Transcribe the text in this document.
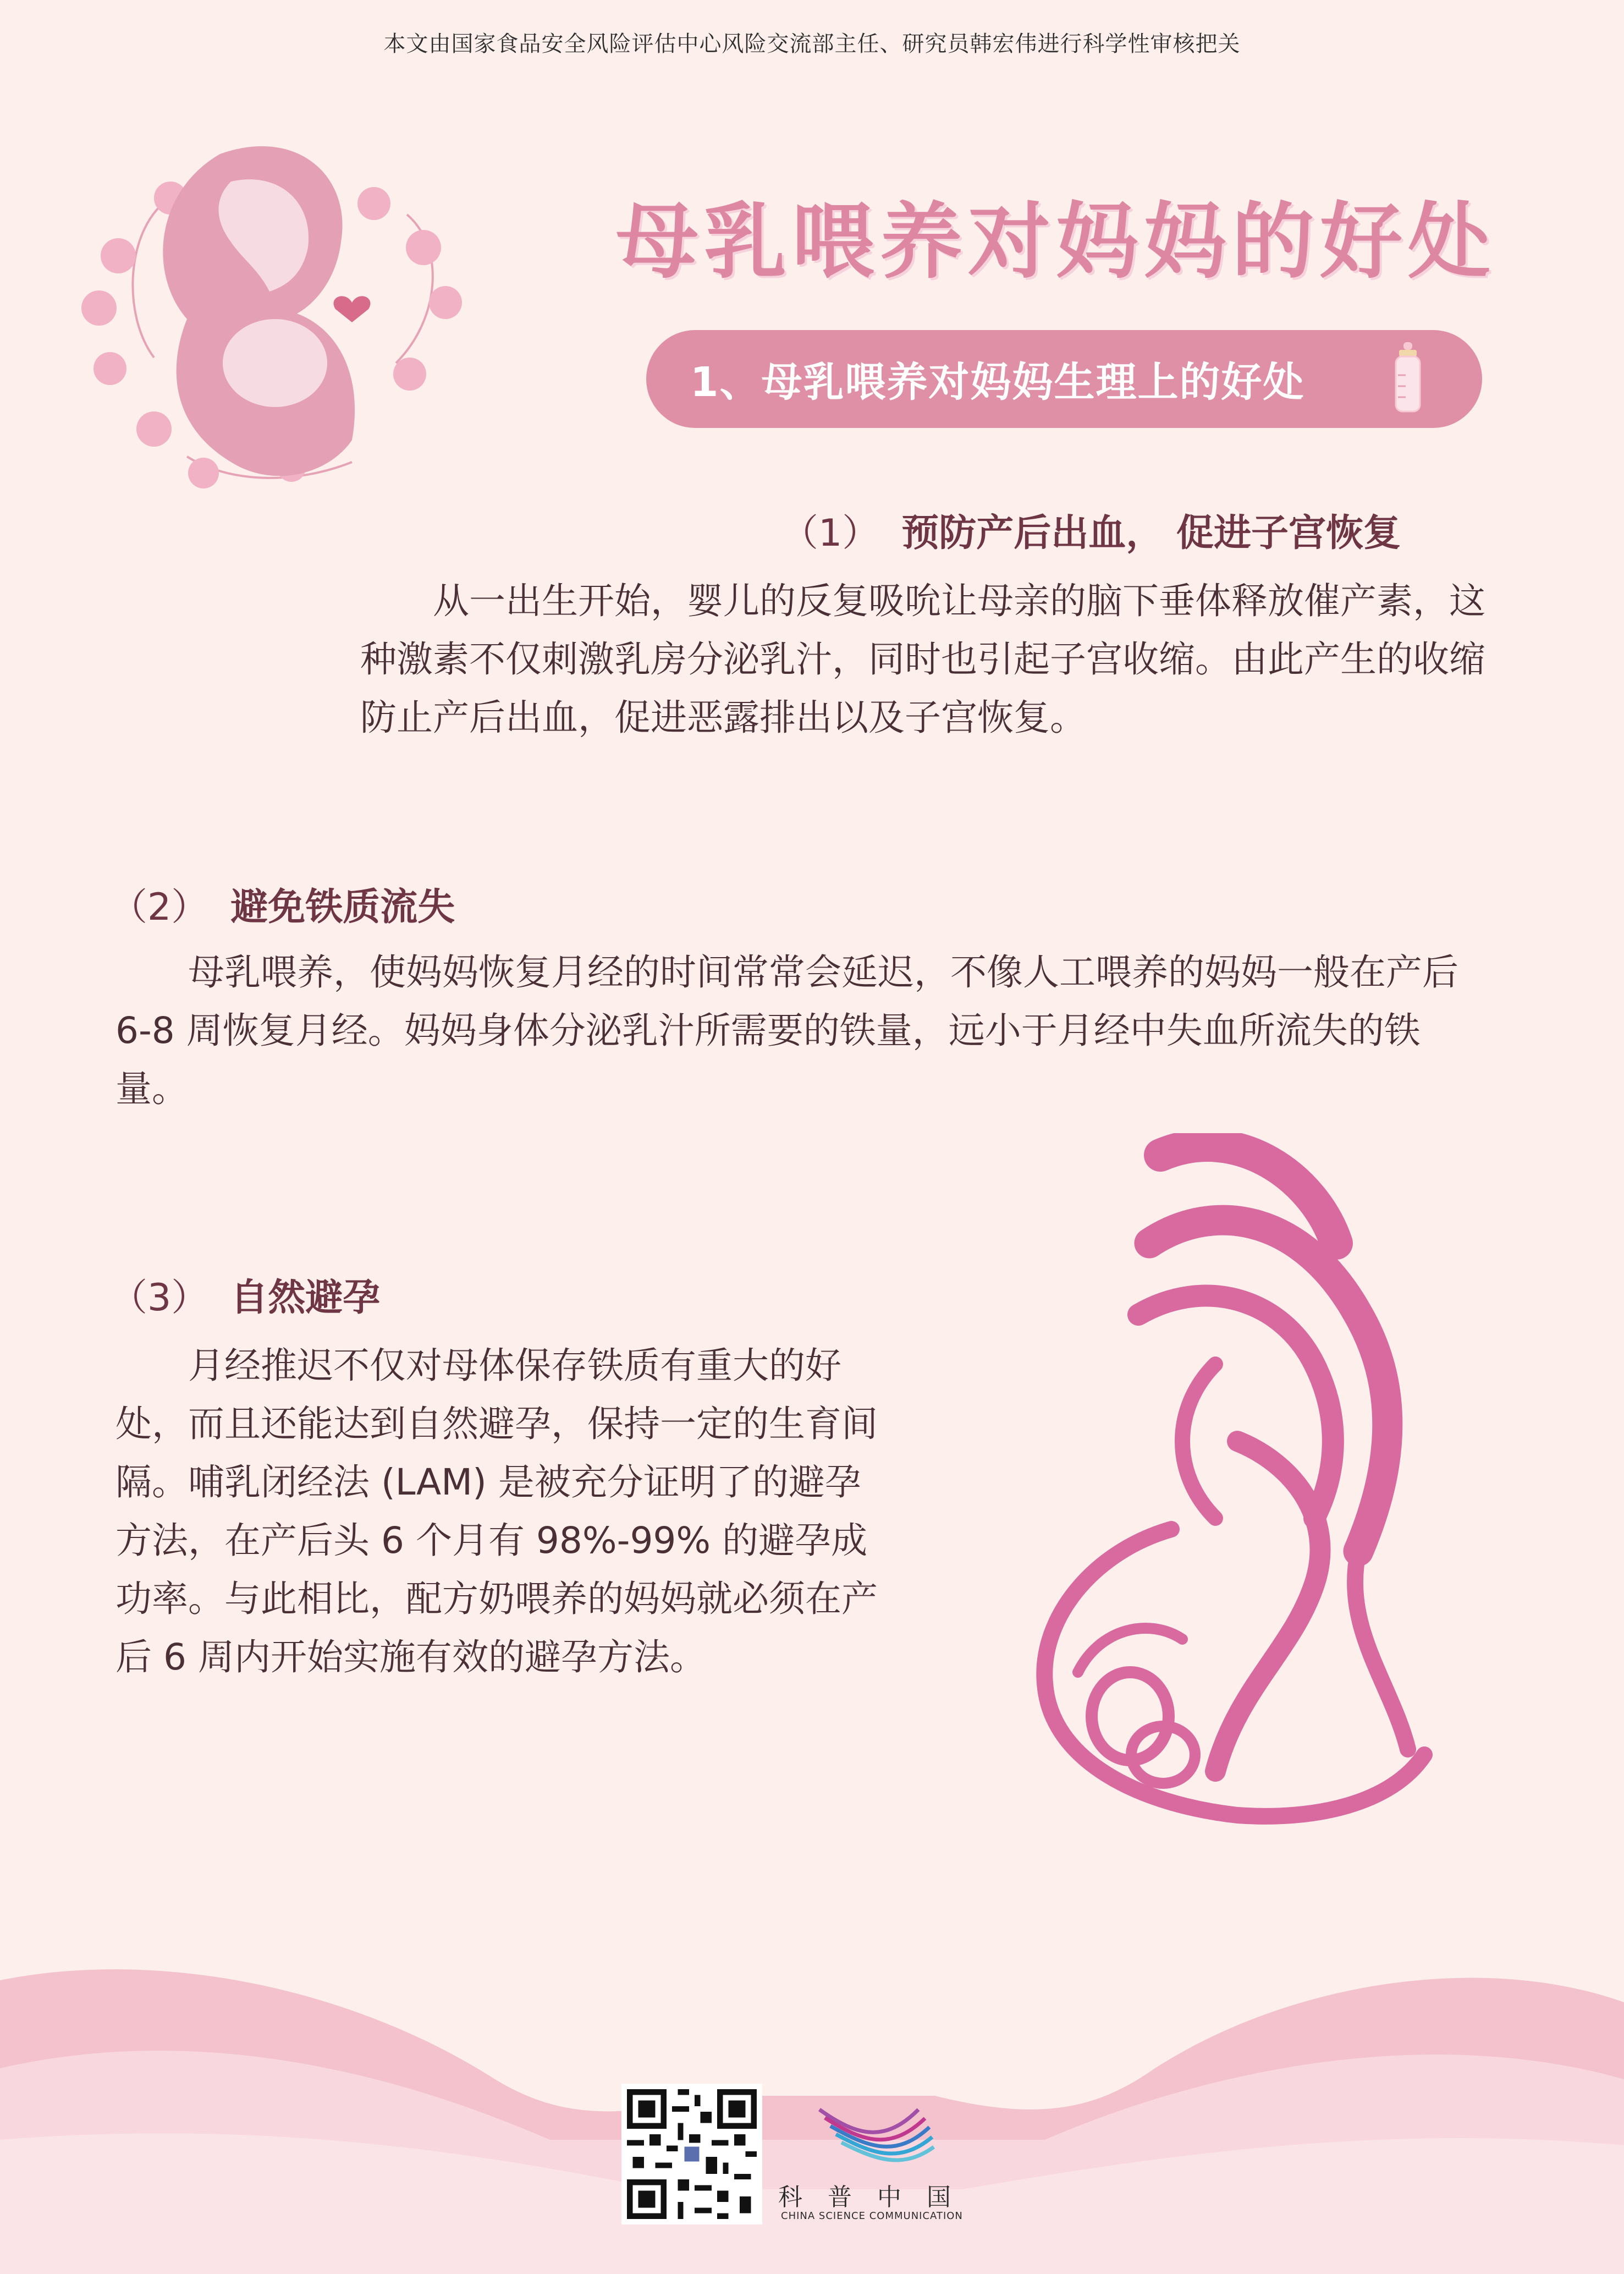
本文由国家食品安全风险评估中心风险交流部主任、研究员韩宏伟进行科学性审核把关
母乳喂养对妈妈的好处
1、母乳喂养对妈妈生理上的好处
（1） 预防产后出血， 促进子宫恢复

从一出生开始，婴儿的反复吸吮让母亲的脑下垂体释放催产素，这种激素不仅刺激乳房分泌乳汁，同时也引起子宫收缩。由此产生的收缩防止产后出血，促进恶露排出以及子宫恢复。

（2） 避免铁质流失

母乳喂养，使妈妈恢复月经的时间常常会延迟，不像人工喂养的妈妈一般在产后 6-8 周恢复月经。妈妈身体分泌乳汁所需要的铁量，远小于月经中失血所流失的铁量。

（3） 自然避孕

月经推迟不仅对母体保存铁质有重大的好处，而且还能达到自然避孕，保持一定的生育间隔。哺乳闭经法 (LAM) 是被充分证明了的避孕方法，在产后头 6 个月有 98%-99% 的避孕成功率。与此相比，配方奶喂养的妈妈就必须在产后 6 周内开始实施有效的避孕方法。

科普中国
CHINA SCIENCE COMMUNICATION
